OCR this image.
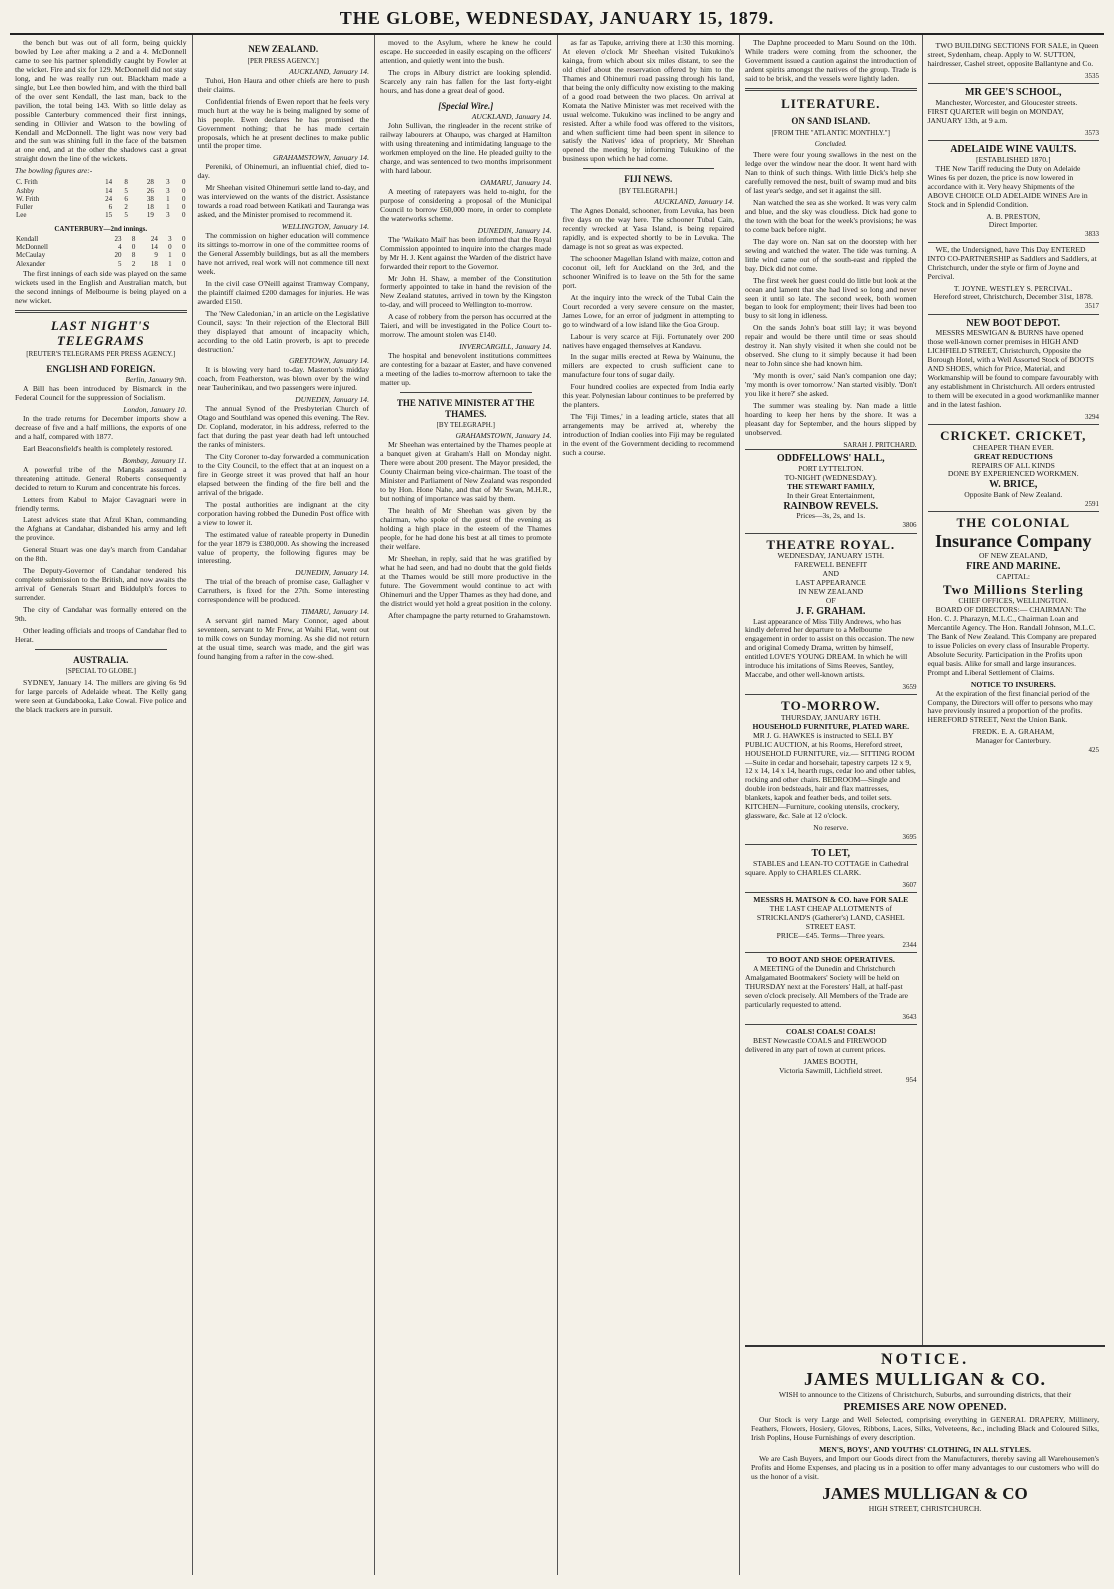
THE GLOBE, WEDNESDAY, JANUARY 15, 1879.

the bench but was out of all form, being quickly bowled by Lee after making a 2 and a 4. McDonnell came to see his partner splendidly caught by Fowler at the wicket. Fire and six for 129. McDonnell did not stay long, and he was really run out. Blackham made a single, but Lee then bowled him, and with the third ball of the over sent Kendall, the last man, back to the pavilion, the total being 143. With so little delay as possible Canterbury commenced their first innings, sending in Ollivier and Watson to the bowling of Kendall and McDonnell. The light was now very bad and the sun was shining full in the face of the batsmen at one end, and at the other the shadows cast a great straight down the line of the wickets.

The bowling figures are:-
C. Frith	14	8	28	3	0
Ashby	14	5	26	3	0
W. Frith	24	6	38	1	0
Fuller	6	2	18	1	0
Lee	15	5	19	3	0
CANTERBURY—2nd innings.
Kendall	23	8	24	3	0
McDonnell	4	0	14	0	0
McCaulay	20	8	9	1	0
Alexander	5	2	18	1	0

The first innings of each side was played on the same wickets used in the English and Australian match, but the second innings of Melbourne is being played on a new wicket.

LAST NIGHT'S TELEGRAMS
[REUTER'S TELEGRAMS PER PRESS AGENCY.]
ENGLISH AND FOREIGN.
Berlin, January 9th.

A Bill has been introduced by Bismarck in the Federal Council for the suppression of Socialism.

London, January 10.

In the trade returns for December imports show a decrease of five and a half millions, the exports of one and a half, compared with 1877.

Earl Beaconsfield's health is completely restored.

Bombay, January 11.

A powerful tribe of the Mangals assumed a threatening attitude. General Roberts consequently decided to return to Kurum and concentrate his forces.

Letters from Kabul to Major Cavagnari were in friendly terms.

Latest advices state that Afzul Khan, commanding the Afghans at Candahar, disbanded his army and left the province.

General Stuart was one day's march from Candahar on the 8th.

The Deputy-Governor of Candahar tendered his complete submission to the British, and now awaits the arrival of Generals Stuart and Biddulph's forces to surrender.

The city of Candahar was formally entered on the 9th.

Other leading officials and troops of Candahar fled to Herat.

AUSTRALIA.
[SPECIAL TO GLOBE.]

SYDNEY, January 14. The millers are giving 6s 9d for large parcels of Adelaide wheat. The Kelly gang were seen at Gundabooka, Lake Cowal. Five police and the black trackers are in pursuit.

NEW ZEALAND.
[PER PRESS AGENCY.]
AUCKLAND, January 14.

Tuhoi, Hon Haura and other chiefs are here to push their claims.

Confidential friends of Ewen report that he feels very much hurt at the way he is being maligned by some of his people. Ewen declares he has promised the Government nothing; that he has made certain proposals, which he at present declines to make public until the proper time.

GRAHAMSTOWN, January 14.

Pereniki, of Ohinemuri, an influential chief, died to-day.

Mr Sheehan visited Ohinemuri settle land to-day, and was interviewed on the wants of the district. Assistance towards a road road between Katikati and Tauranga was asked, and the Minister promised to recommend it.

WELLINGTON, January 14.

The commission on higher education will commence its sittings to-morrow in one of the committee rooms of the General Assembly buildings, but as all the members have not arrived, real work will not commence till next week.

In the civil case O'Neill against Tramway Company, the plaintiff claimed £200 damages for injuries. He was awarded £150.

The 'New Caledonian,' in an article on the Legislative Council, says: 'In their rejection of the Electoral Bill they displayed that amount of incapacity which, according to the old Latin proverb, is apt to precede destruction.'

GREYTOWN, January 14.

It is blowing very hard to-day. Masterton's midday coach, from Featherston, was blown over by the wind near Tauherinikau, and two passengers were injured.

DUNEDIN, January 14.

The annual Synod of the Presbyterian Church of Otago and Southland was opened this evening. The Rev. Dr. Copland, moderator, in his address, referred to the fact that during the past year death had left untouched the ranks of ministers.

The City Coroner to-day forwarded a communication to the City Council, to the effect that at an inquest on a fire in George street it was proved that half an hour elapsed between the finding of the fire bell and the arrival of the brigade.

The postal authorities are indignant at the city corporation having robbed the Dunedin Post office with a view to lower it.

The estimated value of rateable property in Dunedin for the year 1879 is £380,000. As showing the increased value of property, the following figures may be interesting.

DUNEDIN, January 14.

The trial of the breach of promise case, Gallagher v Carruthers, is fixed for the 27th. Some interesting correspondence will be produced.

TIMARU, January 14.

A servant girl named Mary Connor, aged about seventeen, servant to Mr Frew, at Waihi Flat, went out to milk cows on Sunday morning. As she did not return at the usual time, search was made, and the girl was found hanging from a rafter in the cow-shed.

moved to the Asylum, where he knew he could escape. He succeeded in easily escaping on the officers' attention, and quietly went into the bush.

The crops in Albury district are looking splendid. Scarcely any rain has fallen for the last forty-eight hours, and has done a great deal of good.

[Special Wire.]
AUCKLAND, January 14.

John Sullivan, the ringleader in the recent strike of railway labourers at Ohaupo, was charged at Hamilton with using threatening and intimidating language to the workmen employed on the line. He pleaded guilty to the charge, and was sentenced to two months imprisonment with hard labour.

OAMARU, January 14.

A meeting of ratepayers was held to-night, for the purpose of considering a proposal of the Municipal Council to borrow £60,000 more, in order to complete the waterworks scheme.

DUNEDIN, January 14.

The 'Waikato Mail' has been informed that the Royal Commission appointed to inquire into the charges made by Mr H. J. Kent against the Warden of the district have forwarded their report to the Governor.

Mr John H. Shaw, a member of the Constitution formerly appointed to take in hand the revision of the New Zealand statutes, arrived in town by the Kingston to-day, and will proceed to Wellington to-morrow.

A case of robbery from the person has occurred at the Taieri, and will be investigated in the Police Court to-morrow. The amount stolen was £140.

INVERCARGILL, January 14.

The hospital and benevolent institutions committees are contesting for a bazaar at Easter, and have convened a meeting of the ladies to-morrow afternoon to take the matter up.

THE NATIVE MINISTER AT THE THAMES.
[BY TELEGRAPH.]
GRAHAMSTOWN, January 14.

Mr Sheehan was entertained by the Thames people at a banquet given at Graham's Hall on Monday night. There were about 200 present. The Mayor presided, the County Chairman being vice-chairman. The toast of the Minister and Parliament of New Zealand was responded to by Hon. Hone Nahe, and that of Mr Swan, M.H.R., but nothing of importance was said by them.

The health of Mr Sheehan was given by the chairman, who spoke of the guest of the evening as holding a high place in the esteem of the Thames people, for he had done his best at all times to promote their welfare.

Mr Sheehan, in reply, said that he was gratified by what he had seen, and had no doubt that the gold fields at the Thames would be still more productive in the future. The Government would continue to act with Ohinemuri and the Upper Thames as they had done, and the district would yet hold a great position in the colony.

After champagne the party returned to Grahamstown.

as far as Tapuke, arriving there at 1:30 this morning. At eleven o'clock Mr Sheehan visited Tukukino's kainga, from which about six miles distant, to see the old chief about the reservation offered by him to the Thames and Ohinemuri road passing through his land, that being the only difficulty now existing to the making of a good road between the two places. On arrival at Komata the Native Minister was met received with the usual welcome. Tukukino was inclined to be angry and resisted. After a while food was offered to the visitors, and when sufficient time had been spent in silence to satisfy the Natives' idea of propriety, Mr Sheehan opened the meeting by informing Tukukino of the business upon which he had come.

FIJI NEWS.
[BY TELEGRAPH.]
AUCKLAND, January 14.

The Agnes Donald, schooner, from Levuka, has been five days on the way here. The schooner Tubal Cain, recently wrecked at Yasa Island, is being repaired rapidly, and is expected shortly to be in Levuka. The damage is not so great as was expected.

The schooner Magellan Island with maize, cotton and coconut oil, left for Auckland on the 3rd, and the schooner Winifred is to leave on the 5th for the same port.

At the inquiry into the wreck of the Tubal Cain the Court recorded a very severe censure on the master, James Lowe, for an error of judgment in attempting to go to windward of a low island like the Goa Group.

Labour is very scarce at Fiji. Fortunately over 200 natives have engaged themselves at Kandavu.

In the sugar mills erected at Rewa by Wainunu, the millers are expected to crush sufficient cane to manufacture four tons of sugar daily.

Four hundred coolies are expected from India early this year. Polynesian labour continues to be preferred by the planters.

The 'Fiji Times,' in a leading article, states that all arrangements may be arrived at, whereby the introduction of Indian coolies into Fiji may be regulated in the event of the Government deciding to recommend such a course.

The Daphne proceeded to Maru Sound on the 10th. While traders were coming from the schooner, the Government issued a caution against the introduction of ardent spirits amongst the natives of the group. Trade is said to be brisk, and the vessels were lightly laden.

LITERATURE.
ON SAND ISLAND.
[FROM THE "ATLANTIC MONTHLY."]
Concluded.

There were four young swallows in the nest on the ledge over the window near the door. It went hard with Nan to think of such things. With little Dick's help she carefully removed the nest, built of swamp mud and bits of last year's sedge, and set it against the sill.

Nan watched the sea as she worked. It was very calm and blue, and the sky was cloudless. Dick had gone to the town with the boat for the week's provisions; he was to come back before night.

The day wore on. Nan sat on the doorstep with her sewing and watched the water. The tide was turning. A little wind came out of the south-east and rippled the bay. Dick did not come.

The first week her guest could do little but look at the ocean and lament that she had lived so long and never seen it until so late. The second week, both women began to look for employment; their lives had been too busy to sit long in idleness.

On the sands John's boat still lay; it was beyond repair and would be there until time or seas should destroy it. Nan shyly visited it when she could not be observed. She clung to it simply because it had been near to John since she had known him.

'My month is over,' said Nan's companion one day; 'my month is over tomorrow.' Nan started visibly. 'Don't you like it here?' she asked.

The summer was stealing by. Nan made a little hoarding to keep her hens by the shore. It was a pleasant day for September, and the hours slipped by unobserved.

SARAH J. PRITCHARD.
ODDFELLOWS' HALL,
PORT LYTTELTON.
TO-NIGHT (WEDNESDAY).
THE STEWART FAMILY,
In their Great Entertainment,
RAINBOW REVELS.
Prices—3s, 2s, and 1s.
3806
THEATRE ROYAL.
WEDNESDAY, JANUARY 15TH.
FAREWELL BENEFIT
AND
LAST APPEARANCE
IN NEW ZEALAND
OF
J. F. GRAHAM.

Last appearance of Miss Tilly Andrews, who has kindly deferred her departure to a Melbourne engagement in order to assist on this occasion. The new and original Comedy Drama, written by himself, entitled LOVE'S YOUNG DREAM. In which he will introduce his imitations of Sims Reeves, Santley, Maccabe, and other well-known artists.

3659
TO-MORROW.
THURSDAY, JANUARY 16TH.
HOUSEHOLD FURNITURE, PLATED WARE.

MR J. G. HAWKES is instructed to SELL BY PUBLIC AUCTION, at his Rooms, Hereford street, HOUSEHOLD FURNITURE, viz.— SITTING ROOM—Suite in cedar and horsehair, tapestry carpets 12 x 9, 12 x 14, 14 x 14, hearth rugs, cedar loo and other tables, rocking and other chairs. BEDROOM—Single and double iron bedsteads, hair and flax mattresses, blankets, kapok and feather beds, and toilet sets. KITCHEN—Furniture, cooking utensils, crockery, glassware, &c. Sale at 12 o'clock.

No reserve.
3695
TO LET,

STABLES and LEAN-TO COTTAGE in Cathedral square. Apply to CHARLES CLARK.

3607
MESSRS H. MATSON & CO. have FOR SALE
THE LAST CHEAP ALLOTMENTS of STRICKLAND'S (Gatherer's) LAND, CASHEL STREET EAST.
PRICE—£45. Terms—Three years.
2344
TO BOOT AND SHOE OPERATIVES.

A MEETING of the Dunedin and Christchurch Amalgamated Bootmakers' Society will be held on THURSDAY next at the Foresters' Hall, at half-past seven o'clock precisely. All Members of the Trade are particularly requested to attend.

3643
COALS! COALS! COALS!

BEST Newcastle COALS and FIREWOOD delivered in any part of town at current prices.

JAMES BOOTH,
Victoria Sawmill, Lichfield street.
954

TWO BUILDING SECTIONS FOR SALE, in Queen street, Sydenham, cheap. Apply to W. SUTTON, hairdresser, Cashel street, opposite Ballantyne and Co.

3535
MR GEE'S SCHOOL,

Manchester, Worcester, and Gloucester streets. FIRST QUARTER will begin on MONDAY, JANUARY 13th, at 9 a.m.

3573
ADELAIDE WINE VAULTS.
[ESTABLISHED 1870.]

THE New Tariff reducing the Duty on Adelaide Wines 6s per dozen, the price is now lowered in accordance with it. Very heavy Shipments of the ABOVE CHOICE OLD ADELAIDE WINES Are in Stock and in Splendid Condition.

A. B. PRESTON,
Direct Importer.
3833

WE, the Undersigned, have This Day ENTERED INTO CO-PARTNERSHIP as Saddlers and Saddlers, at Christchurch, under the style or firm of Joyne and Percival.

T. JOYNE. WESTLEY S. PERCIVAL.
Hereford street, Christchurch, December 31st, 1878.
3517
NEW BOOT DEPOT.

MESSRS MESWIGAN & BURNS have opened those well-known corner premises in HIGH AND LICHFIELD STREET, Christchurch, Opposite the Borough Hotel, with a Well Assorted Stock of BOOTS AND SHOES, which for Price, Material, and Workmanship will be found to compare favourably with any establishment in Christchurch. All orders entrusted to them will be executed in a good workmanlike manner and in the latest fashion.

3294
CRICKET. CRICKET,
CHEAPER THAN EVER.
GREAT REDUCTIONS
REPAIRS OF ALL KINDS
DONE BY EXPERIENCED WORKMEN.
W. BRICE,
Opposite Bank of New Zealand.
2591
THE COLONIAL
Insurance Company
OF NEW ZEALAND,
FIRE AND MARINE.
CAPITAL:
Two Millions Sterling
CHIEF OFFICES, WELLINGTON.

BOARD OF DIRECTORS:— CHAIRMAN: The Hon. C. J. Pharazyn, M.L.C., Chairman Loan and Mercantile Agency. The Hon. Randall Johnson, M.L.C. The Bank of New Zealand. This Company are prepared to issue Policies on every class of Insurable Property. Absolute Security. Participation in the Profits upon equal basis. Alike for small and large insurances. Prompt and Liberal Settlement of Claims.

NOTICE TO INSURERS.

At the expiration of the first financial period of the Company, the Directors will offer to persons who may have previously insured a proportion of the profits. HEREFORD STREET, Next the Union Bank.

FREDK. E. A. GRAHAM,
Manager for Canterbury.
425
NOTICE.
JAMES MULLIGAN & CO.
WISH to announce to the Citizens of Christchurch, Suburbs, and surrounding districts, that their
PREMISES ARE NOW OPENED.

Our Stock is very Large and Well Selected, comprising everything in GENERAL DRAPERY, Millinery, Feathers, Flowers, Hosiery, Gloves, Ribbons, Laces, Silks, Velveteens, &c., including Black and Coloured Silks, Irish Poplins, House Furnishings of every description.

MEN'S, BOYS', AND YOUTHS' CLOTHING, IN ALL STYLES.

We are Cash Buyers, and Import our Goods direct from the Manufacturers, thereby saving all Warehousemen's Profits and Home Expenses, and placing us in a position to offer many advantages to our customers who will do us the honor of a visit.

JAMES MULLIGAN & CO
HIGH STREET, CHRISTCHURCH.
